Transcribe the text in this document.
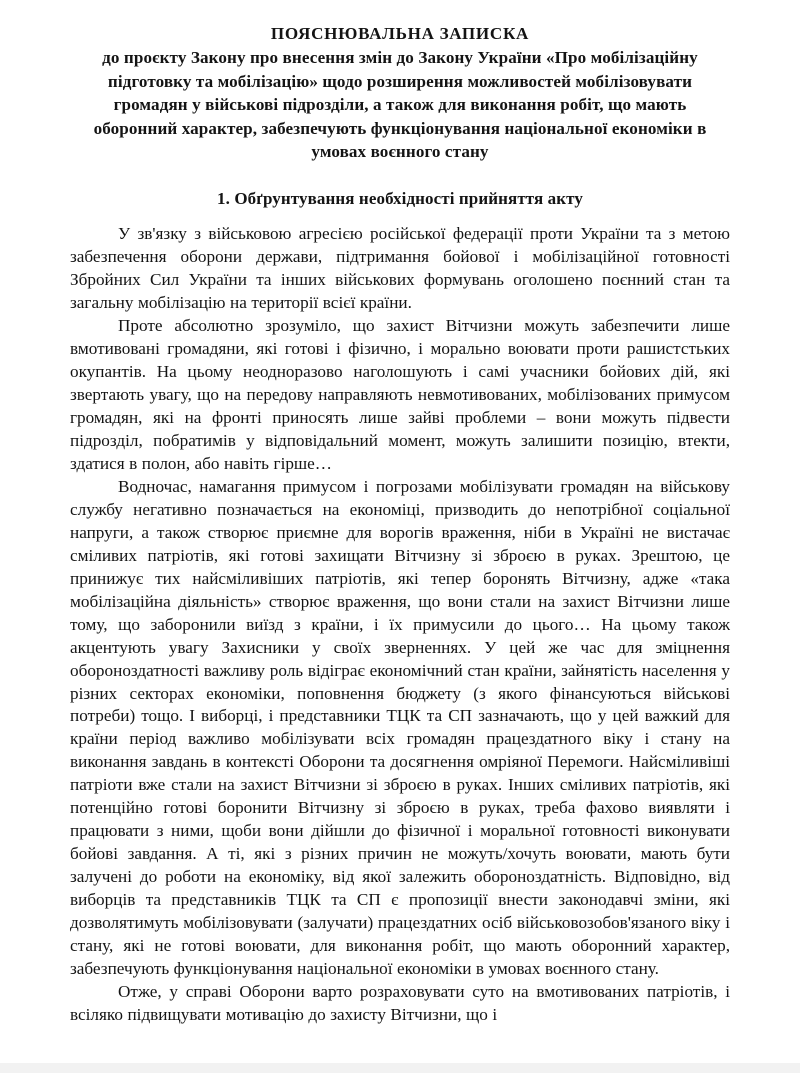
ПОЯСНЮВАЛЬНА ЗАПИСКА
до проєкту Закону про внесення змін до Закону України «Про мобілізаційну підготовку та мобілізацію» щодо розширення можливостей мобілізовувати громадян у військові підрозділи, а також для виконання робіт, що мають оборонний характер, забезпечують функціонування національної економіки в умовах воєнного стану
1. Обґрунтування необхідності прийняття акту

У зв'язку з військовою агресією російської федерації проти України та з метою забезпечення оборони держави, підтримання бойової і мобілізаційної готовності Збройних Сил України та інших військових формувань оголошено поєнний стан та загальну мобілізацію на території всієї країни.

Проте абсолютно зрозуміло, що захист Вітчизни можуть забезпечити лише вмотивовані громадяни, які готові і фізично, і морально воювати проти рашистстьких окупантів. На цьому неодноразово наголошують і самі учасники бойових дій, які звертають увагу, що на передову направляють невмотивованих, мобілізованих примусом громадян, які на фронті приносять лише зайві проблеми – вони можуть підвести підрозділ, побратимів у відповідальний момент, можуть залишити позицію, втекти, здатися в полон, або навіть гірше…

Водночас, намагання примусом і погрозами мобілізувати громадян на військову службу негативно позначається на економіці, призводить до непотрібної соціальної напруги, а також створює приємне для ворогів враження, ніби в Україні не вистачає сміливих патріотів, які готові захищати Вітчизну зі зброєю в руках. Зрештою, це принижує тих найсміливіших патріотів, які тепер боронять Вітчизну, адже «така мобілізаційна діяльність» створює враження, що вони стали на захист Вітчизни лише тому, що заборонили виїзд з країни, і їх примусили до цього… На цьому також акцентують увагу Захисники у своїх зверненнях. У цей же час для зміцнення обороноздатності важливу роль відіграє економічний стан країни, зайнятість населення у різних секторах економіки, поповнення бюджету (з якого фінансуються військові потреби) тощо. І виборці, і представники ТЦК та СП зазначають, що у цей важкий для країни період важливо мобілізувати всіх громадян працездатного віку і стану на виконання завдань в контексті Оборони та досягнення омріяної Перемоги. Найсміливіші патріоти вже стали на захист Вітчизни зі зброєю в руках. Інших сміливих патріотів, які потенційно готові боронити Вітчизну зі зброєю в руках, треба фахово виявляти і працювати з ними, щоби вони дійшли до фізичної і моральної готовності виконувати бойові завдання. А ті, які з різних причин не можуть/хочуть воювати, мають бути залучені до роботи на економіку, від якої залежить обороноздатність. Відповідно, від виборців та представників ТЦК та СП є пропозиції внести законодавчі зміни, які дозволятимуть мобілізовувати (залучати) працездатних осіб військовозобов'язаного віку і стану, які не готові воювати, для виконання робіт, що мають оборонний характер, забезпечують функціонування національної економіки в умовах воєнного стану.

Отже, у справі Оборони варто розраховувати суто на вмотивованих патріотів, і всіляко підвищувати мотивацію до захисту Вітчизни, що і
